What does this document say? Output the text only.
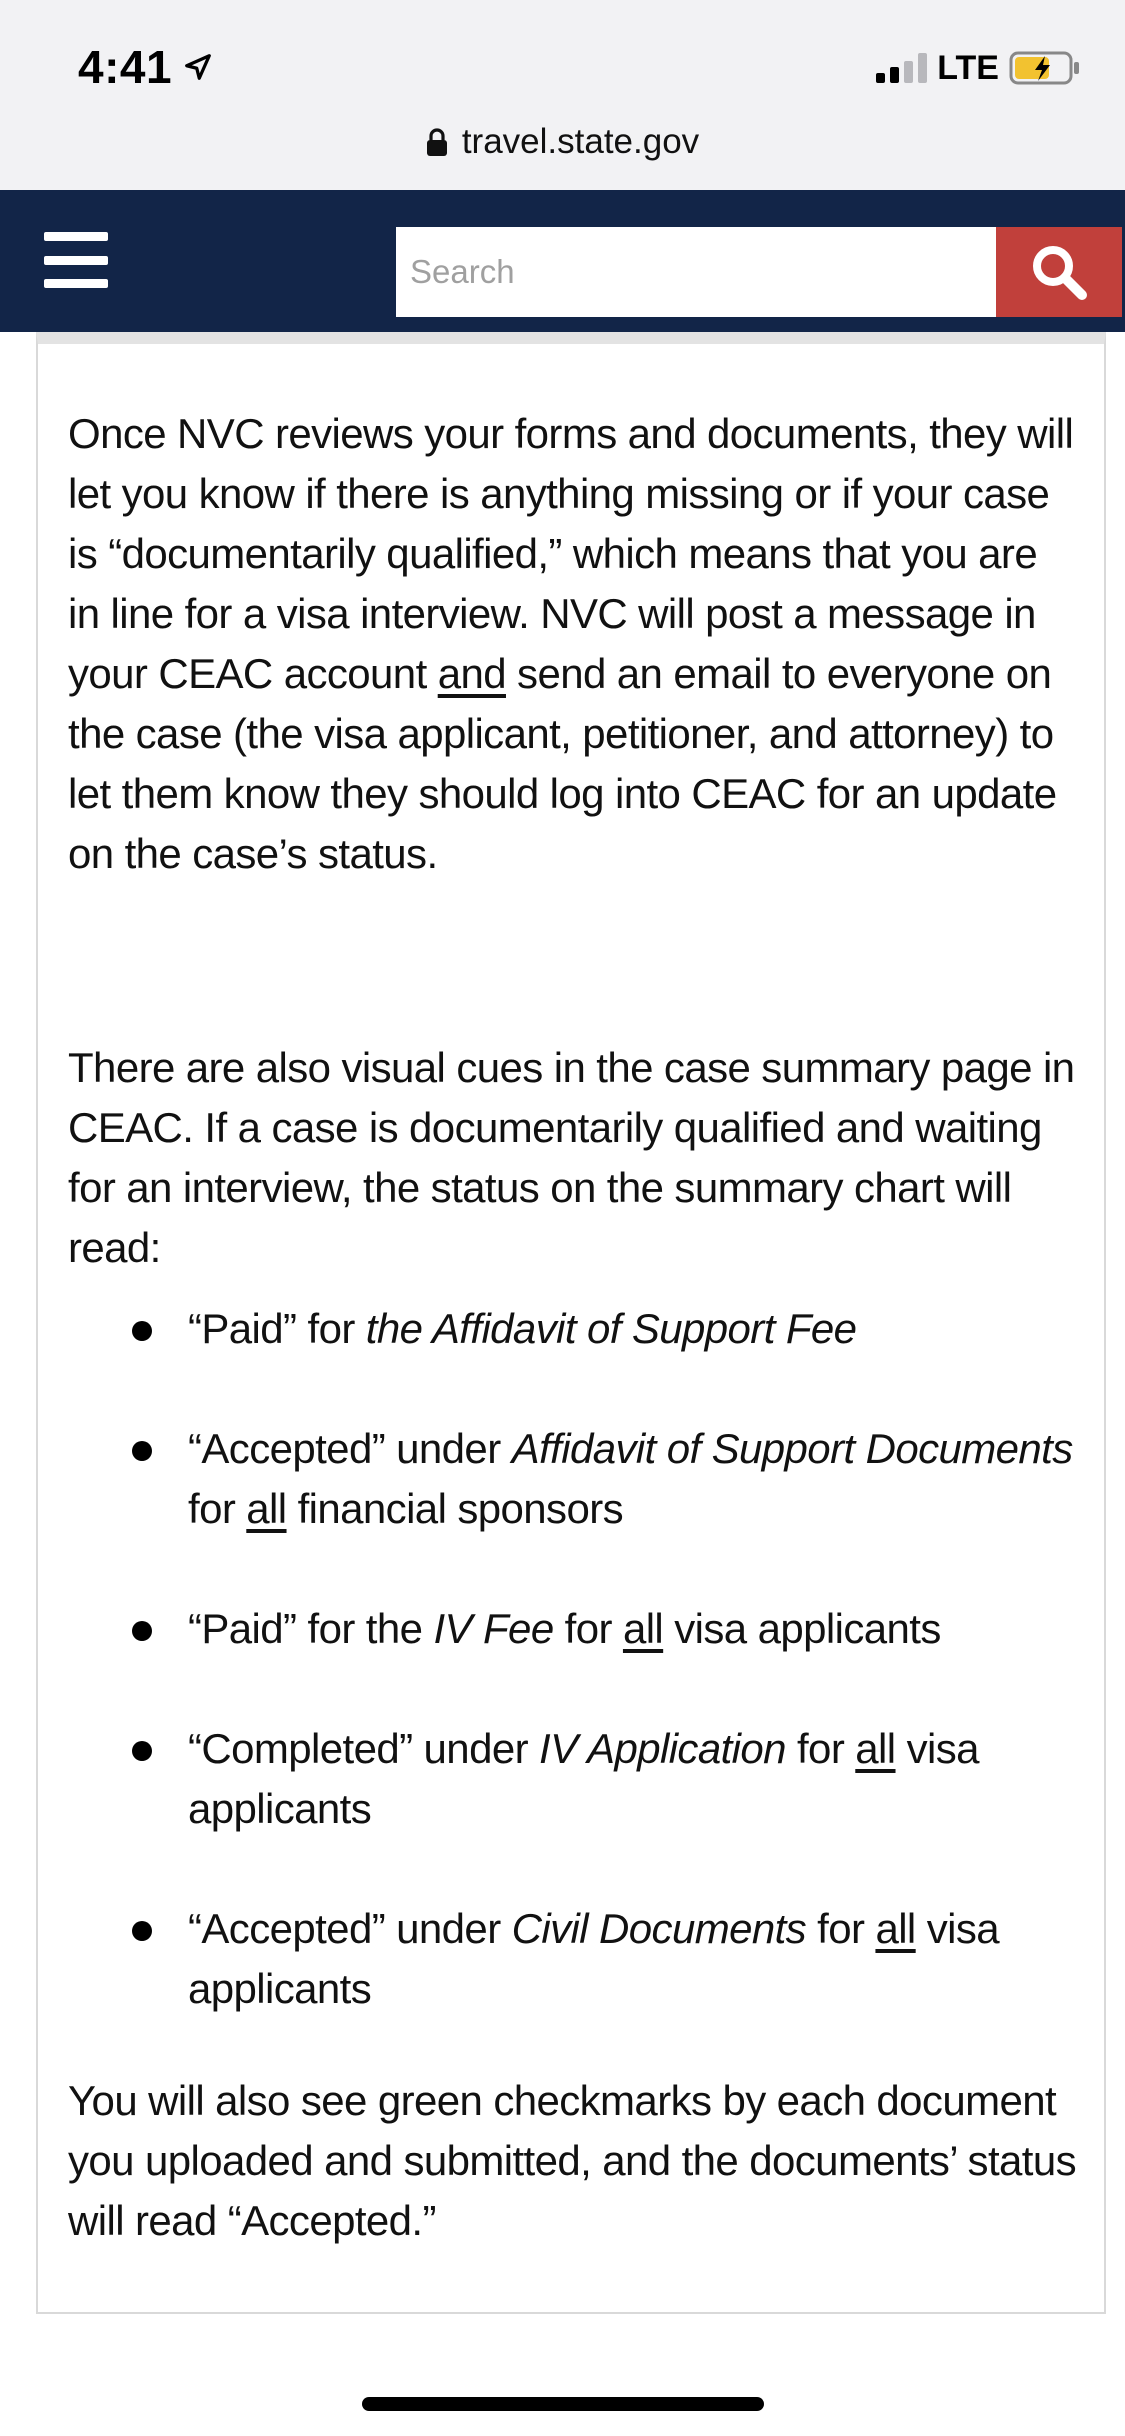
4:41	LTE
travel.state.gov
Search

Once NVC reviews your forms and documents, they will let you know if there is anything missing or if your case is “documentarily qualified,” which means that you are in line for a visa interview. NVC will post a message in your CEAC account and send an email to everyone on the case (the visa applicant, petitioner, and attorney) to let them know they should log into CEAC for an update on the case’s status.

There are also visual cues in the case summary page in CEAC. If a case is documentarily qualified and waiting for an interview, the status on the summary chart will read:

“Paid” for the Affidavit of Support Fee
“Accepted” under Affidavit of Support Documents for all financial sponsors
“Paid” for the IV Fee for all visa applicants
“Completed” under IV Application for all visa applicants
“Accepted” under Civil Documents for all visa applicants

You will also see green checkmarks by each document you uploaded and submitted, and the documents’ status will read “Accepted.”
